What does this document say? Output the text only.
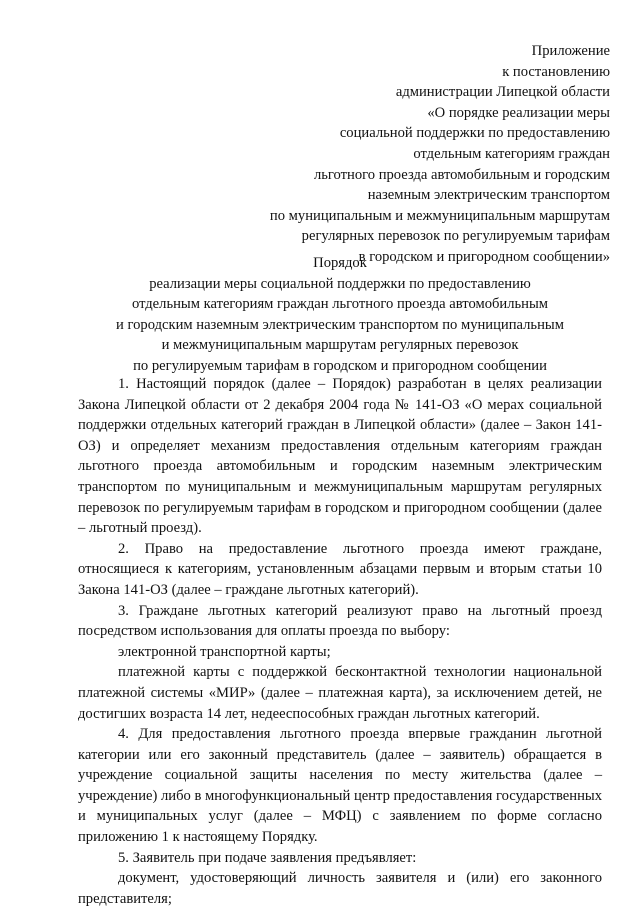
Приложение
к постановлению
администрации Липецкой области
«О порядке реализации меры
социальной поддержки по предоставлению
отдельным категориям граждан
льготного проезда автомобильным и городским
наземным электрическим транспортом
по муниципальным и межмуниципальным маршрутам
регулярных перевозок по регулируемым тарифам
в городском и пригородном сообщении»
Порядок
реализации меры социальной поддержки по предоставлению
отдельным категориям граждан льготного проезда автомобильным
и городским наземным электрическим транспортом по муниципальным
и межмуниципальным маршрутам регулярных перевозок
по регулируемым тарифам в городском и пригородном сообщении

1. Настоящий порядок (далее – Порядок) разработан в целях реализации Закона Липецкой области от 2 декабря 2004 года № 141-ОЗ «О мерах социальной поддержки отдельных категорий граждан в Липецкой области» (далее – Закон 141-ОЗ) и определяет механизм предоставления отдельным категориям граждан льготного проезда автомобильным и городским наземным электрическим транспортом по муниципальным и межмуниципальным маршрутам регулярных перевозок по регулируемым тарифам в городском и пригородном сообщении (далее – льготный проезд).

2. Право на предоставление льготного проезда имеют граждане, относящиеся к категориям, установленным абзацами первым и вторым статьи 10 Закона 141-ОЗ (далее – граждане льготных категорий).

3. Граждане льготных категорий реализуют право на льготный проезд посредством использования для оплаты проезда по выбору:

электронной транспортной карты;

платежной карты с поддержкой бесконтактной технологии национальной платежной системы «МИР» (далее – платежная карта), за исключением детей, не достигших возраста 14 лет, недееспособных граждан льготных категорий.

4. Для предоставления льготного проезда впервые гражданин льготной категории или его законный представитель (далее – заявитель) обращается в учреждение социальной защиты населения по месту жительства (далее – учреждение) либо в многофункциональный центр предоставления государственных и муниципальных услуг (далее – МФЦ) с заявлением по форме согласно приложению 1 к настоящему Порядку.

5. Заявитель при подаче заявления предъявляет:

документ, удостоверяющий личность заявителя и (или) его законного представителя;
